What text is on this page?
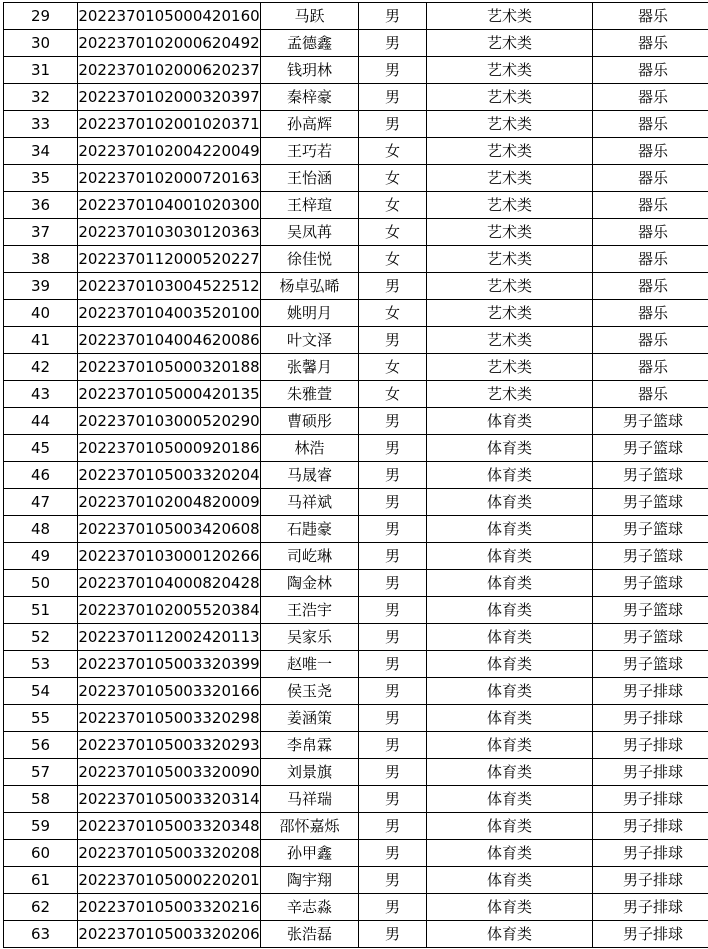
29	2022370105000420160	马跃	男	艺术类	器乐
30	2022370102000620492	孟德鑫	男	艺术类	器乐
31	2022370102000620237	钱玥林	男	艺术类	器乐
32	2022370102000320397	秦梓豪	男	艺术类	器乐
33	2022370102001020371	孙高辉	男	艺术类	器乐
34	2022370102004220049	王巧若	女	艺术类	器乐
35	2022370102000720163	王怡涵	女	艺术类	器乐
36	2022370104001020300	王梓瑄	女	艺术类	器乐
37	2022370103030120363	吴凤苒	女	艺术类	器乐
38	2022370112000520227	徐佳悦	女	艺术类	器乐
39	2022370103004522512	杨卓弘晞	男	艺术类	器乐
40	2022370104003520100	姚明月	女	艺术类	器乐
41	2022370104004620086	叶文泽	男	艺术类	器乐
42	2022370105000320188	张馨月	女	艺术类	器乐
43	2022370105000420135	朱雅萱	女	艺术类	器乐
44	2022370103000520290	曹硕彤	男	体育类	男子篮球
45	2022370105000920186	林浩	男	体育类	男子篮球
46	2022370105003320204	马晟睿	男	体育类	男子篮球
47	2022370102004820009	马祥斌	男	体育类	男子篮球
48	2022370105003420608	石韪豪	男	体育类	男子篮球
49	2022370103000120266	司屹琳	男	体育类	男子篮球
50	2022370104000820428	陶金林	男	体育类	男子篮球
51	2022370102005520384	王浩宇	男	体育类	男子篮球
52	2022370112002420113	吴家乐	男	体育类	男子篮球
53	2022370105003320399	赵唯一	男	体育类	男子篮球
54	2022370105003320166	侯玉尧	男	体育类	男子排球
55	2022370105003320298	姜涵策	男	体育类	男子排球
56	2022370105003320293	李帛霖	男	体育类	男子排球
57	2022370105003320090	刘景旗	男	体育类	男子排球
58	2022370105003320314	马祥瑞	男	体育类	男子排球
59	2022370105003320348	邵怀嘉烁	男	体育类	男子排球
60	2022370105003320208	孙甲鑫	男	体育类	男子排球
61	2022370105000220201	陶宇翔	男	体育类	男子排球
62	2022370105003320216	辛志淼	男	体育类	男子排球
63	2022370105003320206	张浩磊	男	体育类	男子排球
